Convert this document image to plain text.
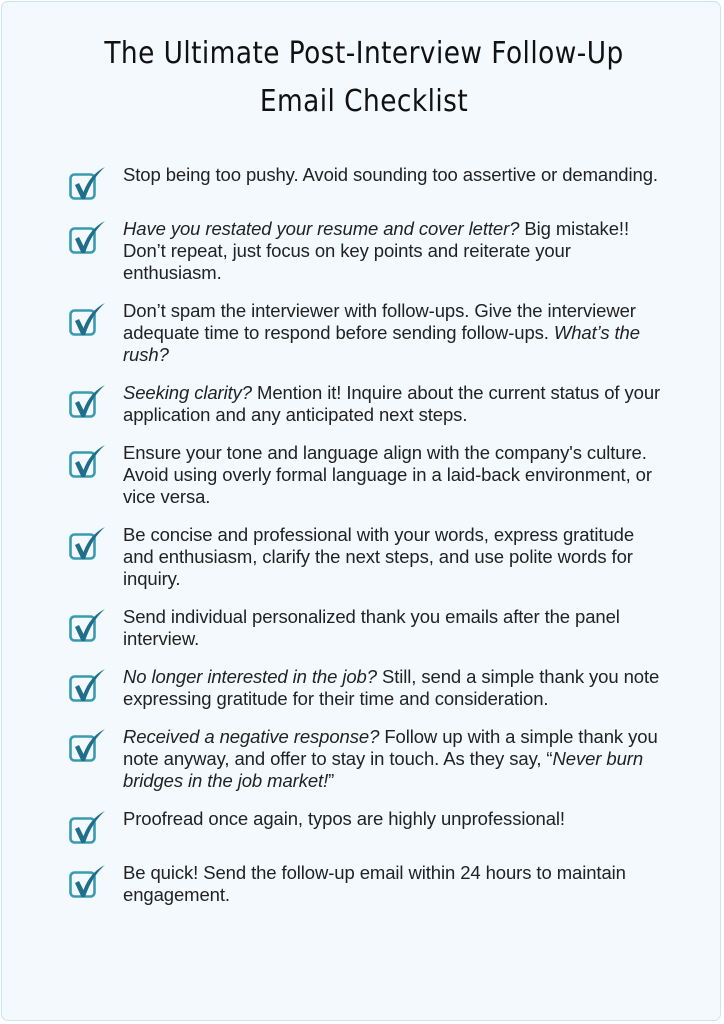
The Ultimate Post-Interview Follow-Up
Email Checklist
Stop being too pushy. Avoid sounding too assertive or demanding.
Have you restated your resume and cover letter? Big mistake!! Don’t repeat, just focus on key points and reiterate your enthusiasm.
Don’t spam the interviewer with follow-ups. Give the interviewer adequate time to respond before sending follow-ups. What’s the rush?
Seeking clarity? Mention it! Inquire about the current status of your application and any anticipated next steps.
Ensure your tone and language align with the company's culture. Avoid using overly formal language in a laid-back environment, or vice versa.
Be concise and professional with your words, express gratitude and enthusiasm, clarify the next steps, and use polite words for inquiry.
Send individual personalized thank you emails after the panel interview.
No longer interested in the job? Still, send a simple thank you note expressing gratitude for their time and consideration.
Received a negative response? Follow up with a simple thank you note anyway, and offer to stay in touch. As they say, “Never burn bridges in the job market!”
Proofread once again, typos are highly unprofessional!
Be quick! Send the follow-up email within 24 hours to maintain engagement.
